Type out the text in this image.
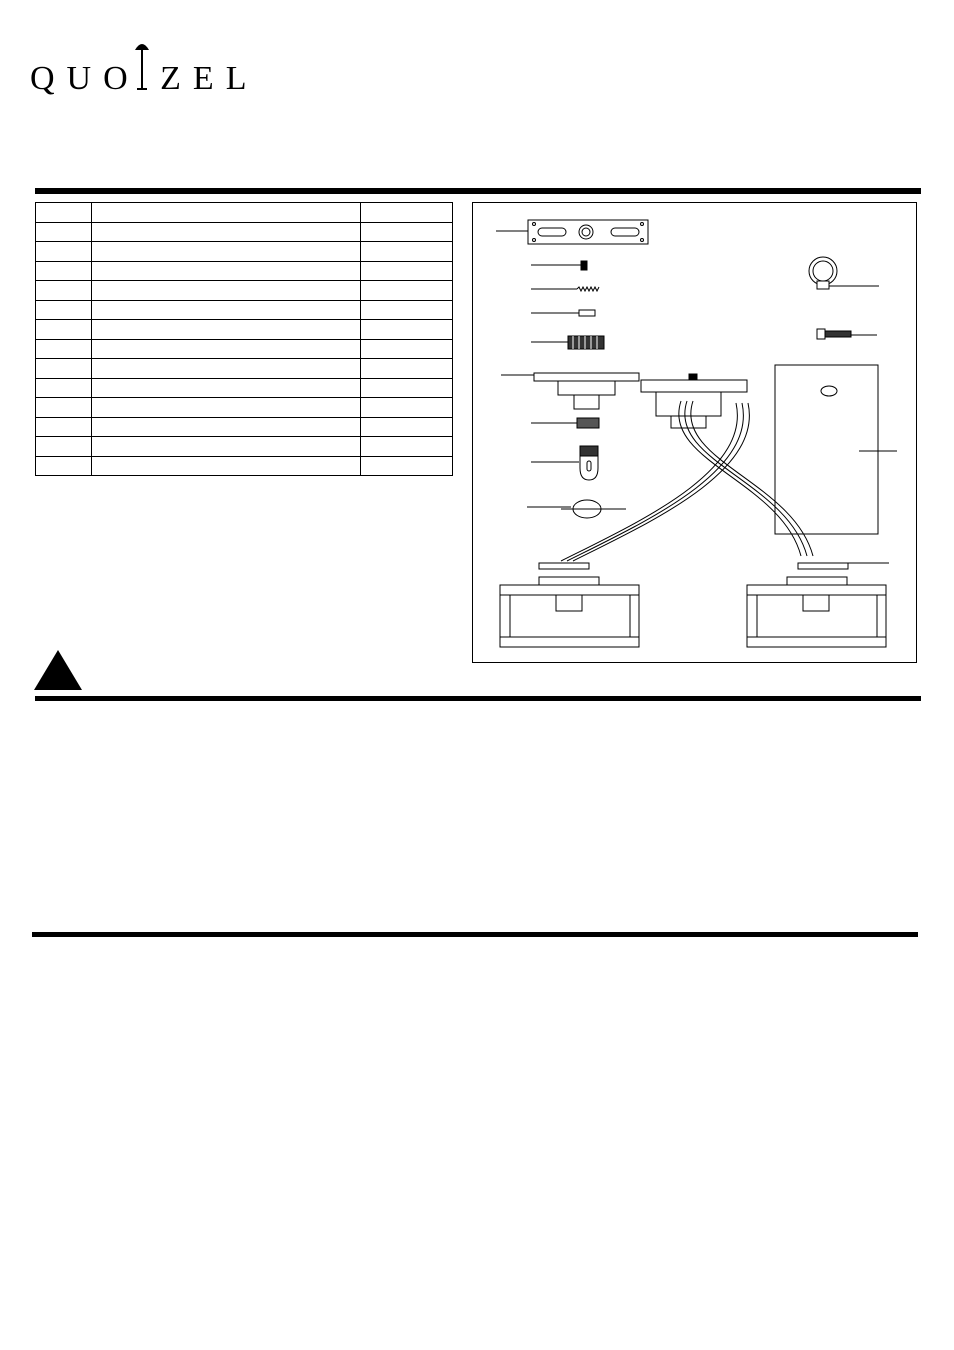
QUO ZEL
